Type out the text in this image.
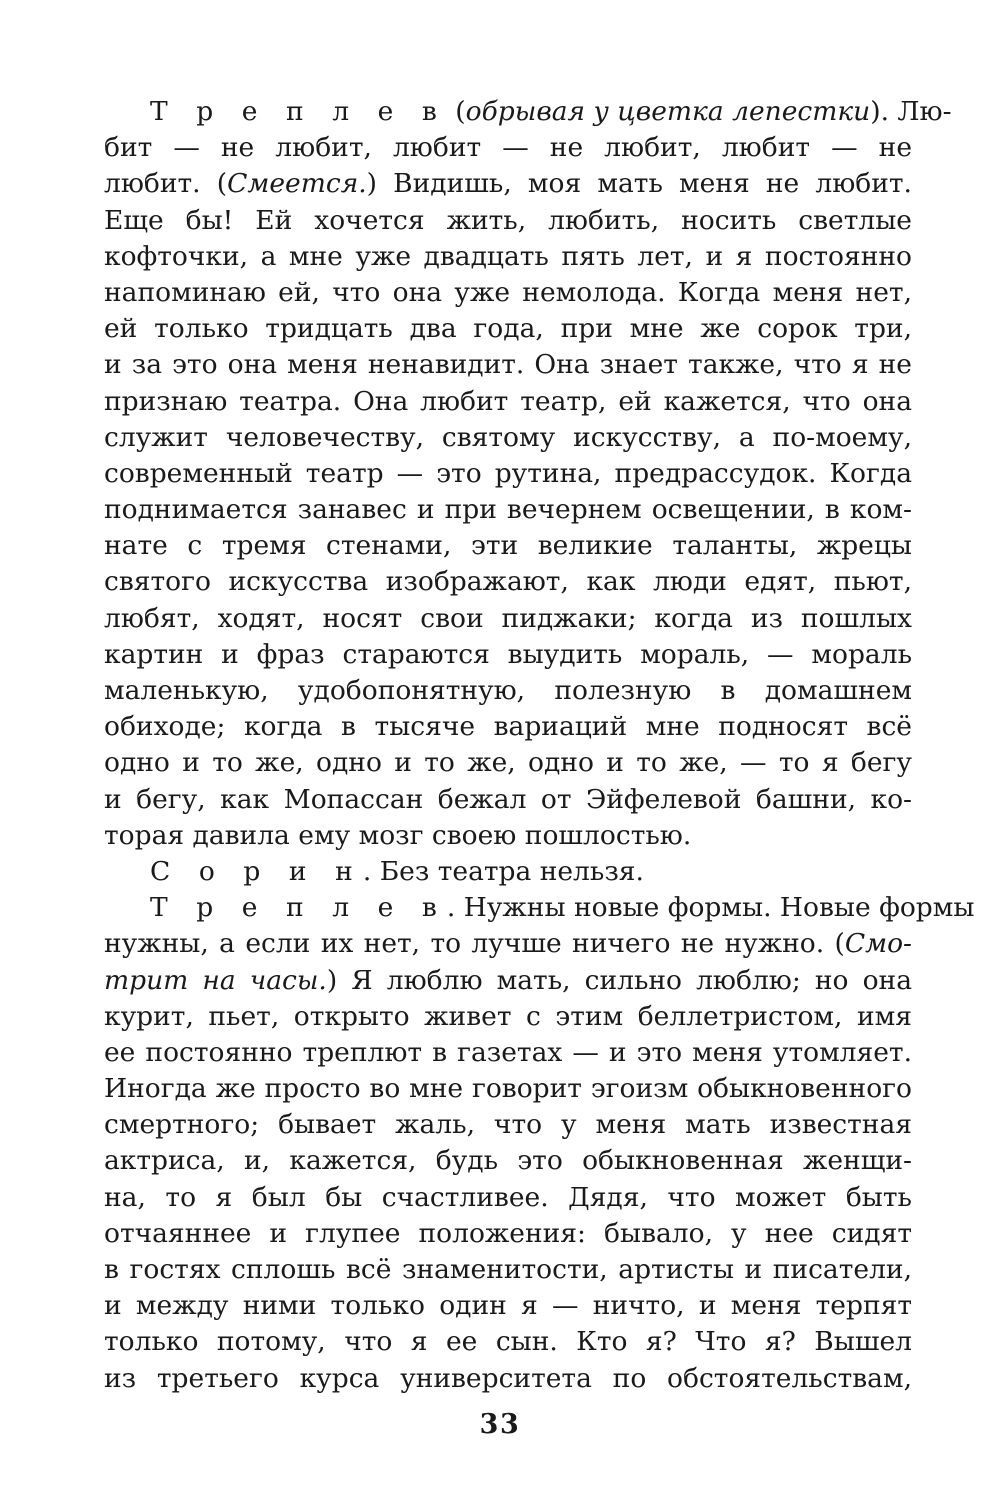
Т р е п л е в (обрывая у цветка лепестки). Лю-
бит — не любит, любит — не любит, любит — не
любит. (Смеется.) Видишь, моя мать меня не любит.
Еще бы! Ей хочется жить, любить, носить светлые
кофточки, а мне уже двадцать пять лет, и я постоянно
напоминаю ей, что она уже немолода. Когда меня нет,
ей только тридцать два года, при мне же сорок три,
и за это она меня ненавидит. Она знает также, что я не
признаю театра. Она любит театр, ей кажется, что она
служит человечеству, святому искусству, а по-моему,
современный театр — это рутина, предрассудок. Когда
поднимается занавес и при вечернем освещении, в ком-
нате с тремя стенами, эти великие таланты, жрецы
святого искусства изображают, как люди едят, пьют,
любят, ходят, носят свои пиджаки; когда из пошлых
картин и фраз стараются выудить мораль, — мораль
маленькую, удобопонятную, полезную в домашнем
обиходе; когда в тысяче вариаций мне подносят всё
одно и то же, одно и то же, одно и то же, — то я бегу
и бегу, как Мопассан бежал от Эйфелевой башни, ко-
торая давила ему мозг своею пошлостью.
С о р и н. Без театра нельзя.
Т р е п л е в. Нужны новые формы. Новые формы
нужны, а если их нет, то лучше ничего не нужно. (Смо-
трит на часы.) Я люблю мать, сильно люблю; но она
курит, пьет, открыто живет с этим беллетристом, имя
ее постоянно треплют в газетах — и это меня утомляет.
Иногда же просто во мне говорит эгоизм обыкновенного
смертного; бывает жаль, что у меня мать известная
актриса, и, кажется, будь это обыкновенная женщи-
на, то я был бы счастливее. Дядя, что может быть
отчаяннее и глупее положения: бывало, у нее сидят
в гостях сплошь всё знаменитости, артисты и писатели,
и между ними только один я — ничто, и меня терпят
только потому, что я ее сын. Кто я? Что я? Вышел
из третьего курса университета по обстоятельствам,
33
